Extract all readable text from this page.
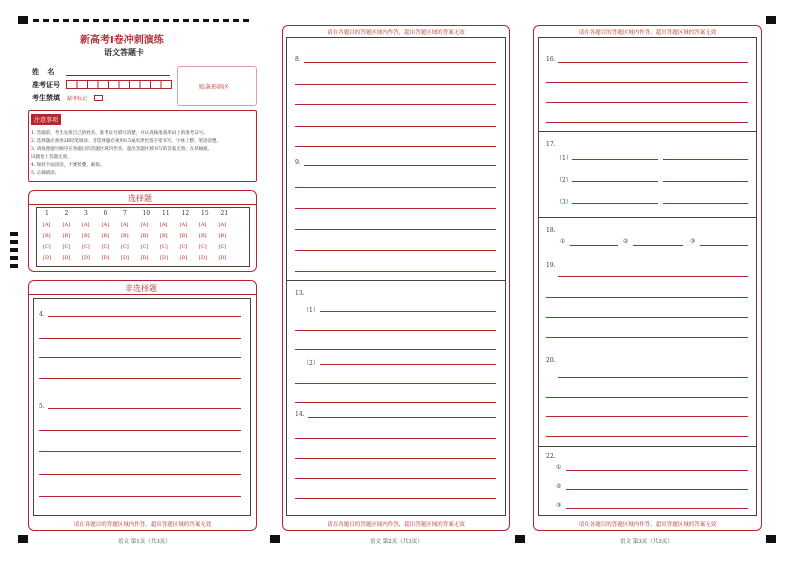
新高考Ⅰ卷冲刺演练
语文答题卡
姓 名
准考证号
考生禁填 缺考标记
贴条形码区
注意事项
1. 答题前，考生先将自己的姓名、准考证号填写清楚，并认真核准条形码上的准考证号。
2. 选择题必须用2B铅笔填涂；非选择题必须用0.5毫米黑色签字笔书写，字体工整、笔迹清楚。
3. 请按照题号顺序在各题目的答题区域内作答，超出答题区域书写的答案无效；在草稿纸、
试题卷上答题无效。
4. 保持卡面清洁，不要折叠、破损。
5. 正确填涂。
选择题
1
[A]
[B]
[C]
[D]
2
[A]
[B]
[C]
[D]
3
[A]
[B]
[C]
[D]
6
[A]
[B]
[C]
[D]
7
[A]
[B]
[C]
[D]
10
[A]
[B]
[C]
[D]
11
[A]
[B]
[C]
[D]
12
[A]
[B]
[C]
[D]
15
[A]
[B]
[C]
[D]
21
[A]
[B]
[C]
[D]
非选择题
4.
5.
请在各题目的答题区域内作答，超出答题区域的答案无效
语文 第1页（共3页）
请在各题目的答题区域内作答，超出答题区域的答案无效
8.
9.
13.
（1）
（2）
14.
请在各题目的答题区域内作答，超出答题区域的答案无效
语文 第2页（共3页）
请在各题目的答题区域内作答，超出答题区域的答案无效
16.
17.
（1）
（2）
（3）
18.
①	②	③
19.
20.
22.
①
②
③
请在各题目的答题区域内作答，超出答题区域的答案无效
语文 第3页（共3页）
